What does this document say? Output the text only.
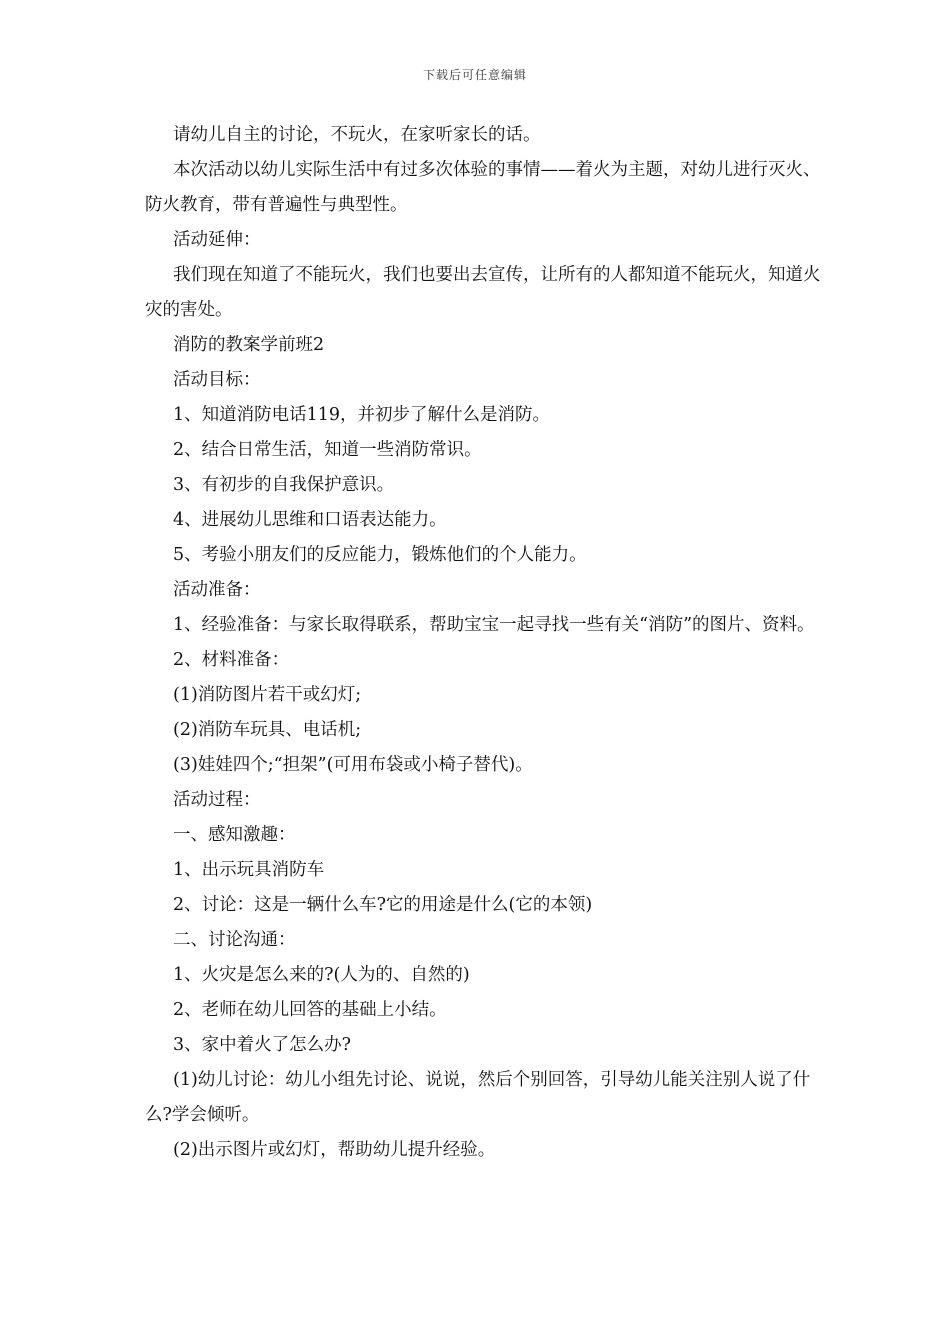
下载后可任意编辑

请幼儿自主的讨论，不玩火，在家听家长的话。

本次活动以幼儿实际生活中有过多次体验的事情——着火为主题，对幼儿进行灭火、防火教育，带有普遍性与典型性。

活动延伸：

我们现在知道了不能玩火，我们也要出去宣传，让所有的人都知道不能玩火，知道火灾的害处。

消防的教案学前班2

活动目标：

1、知道消防电话119，并初步了解什么是消防。

2、结合日常生活，知道一些消防常识。

3、有初步的自我保护意识。

4、进展幼儿思维和口语表达能力。

5、考验小朋友们的反应能力，锻炼他们的个人能力。

活动准备：

1、经验准备：与家长取得联系，帮助宝宝一起寻找一些有关“消防”的图片、资料。

2、材料准备：

(1)消防图片若干或幻灯;

(2)消防车玩具、电话机;

(3)娃娃四个;“担架”(可用布袋或小椅子替代)。

活动过程：

一、感知激趣：

1、出示玩具消防车

2、讨论：这是一辆什么车?它的用途是什么(它的本领)

二、讨论沟通：

1、火灾是怎么来的?(人为的、自然的)

2、老师在幼儿回答的基础上小结。

3、家中着火了怎么办?

(1)幼儿讨论：幼儿小组先讨论、说说，然后个别回答，引导幼儿能关注别人说了什么?学会倾听。

(2)出示图片或幻灯，帮助幼儿提升经验。
